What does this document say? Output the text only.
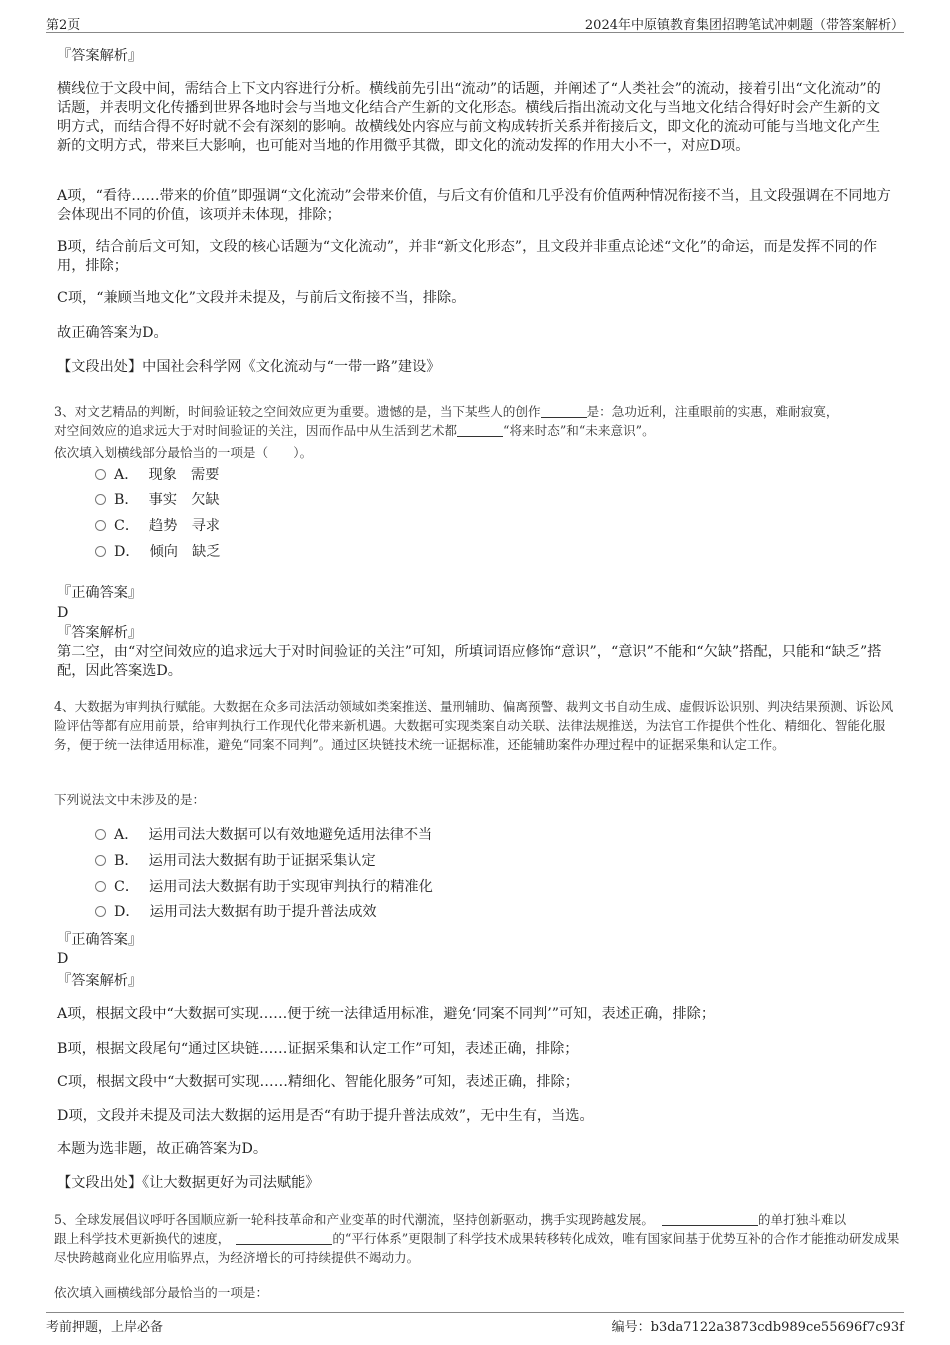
第2页	2024年中原镇教育集团招聘笔试冲刺题（带答案解析）
『答案解析』
横线位于文段中间，需结合上下文内容进行分析。横线前先引出“流动”的话题，并阐述了“人类社会”的流动，接着引出“文化流动”的话题，并表明文化传播到世界各地时会与当地文化结合产生新的文化形态。横线后指出流动文化与当地文化结合得好时会产生新的文明方式，而结合得不好时就不会有深刻的影响。故横线处内容应与前文构成转折关系并衔接后文，即文化的流动可能与当地文化产生新的文明方式，带来巨大影响，也可能对当地的作用微乎其微，即文化的流动发挥的作用大小不一，对应D项。
A项，“看待……带来的价值”即强调“文化流动”会带来价值，与后文有价值和几乎没有价值两种情况衔接不当，且文段强调在不同地方会体现出不同的价值，该项并未体现，排除；
B项，结合前后文可知，文段的核心话题为“文化流动”，并非“新文化形态”，且文段并非重点论述“文化”的命运，而是发挥不同的作用，排除；
C项，“兼顾当地文化”文段并未提及，与前后文衔接不当，排除。
故正确答案为D。
【文段出处】中国社会科学网《文化流动与“一带一路”建设》
3、对文艺精品的判断，时间验证较之空间效应更为重要。遗憾的是，当下某些人的创作	是：急功近利，注重眼前的实惠，难耐寂寞，
对空间效应的追求远大于对时间验证的关注，因而作品中从生活到艺术都	“将来时态”和“未来意识”。
依次填入划横线部分最恰当的一项是（　　）。
A． 现象　需要
B． 事实　欠缺
C． 趋势　寻求
D． 倾向　缺乏
『正确答案』
D
『答案解析』
第二空，由“对空间效应的追求远大于对时间验证的关注”可知，所填词语应修饰“意识”，“意识”不能和“欠缺”搭配，只能和“缺乏”搭配，因此答案选D。
4、大数据为审判执行赋能。大数据在众多司法活动领域如类案推送、量刑辅助、偏离预警、裁判文书自动生成、虚假诉讼识别、判决结果预测、诉讼风险评估等都有应用前景，给审判执行工作现代化带来新机遇。大数据可实现类案自动关联、法律法规推送，为法官工作提供个性化、精细化、智能化服务，便于统一法律适用标准，避免“同案不同判”。通过区块链技术统一证据标准，还能辅助案件办理过程中的证据采集和认定工作。
下列说法文中未涉及的是：
A． 运用司法大数据可以有效地避免适用法律不当
B． 运用司法大数据有助于证据采集认定
C． 运用司法大数据有助于实现审判执行的精准化
D． 运用司法大数据有助于提升普法成效
『正确答案』
D
『答案解析』
A项，根据文段中“大数据可实现……便于统一法律适用标准，避免‘同案不同判’”可知，表述正确，排除；
B项，根据文段尾句“通过区块链……证据采集和认定工作”可知，表述正确，排除；
C项，根据文段中“大数据可实现……精细化、智能化服务”可知，表述正确，排除；
D项，文段并未提及司法大数据的运用是否“有助于提升普法成效”，无中生有，当选。
本题为选非题，故正确答案为D。
【文段出处】《让大数据更好为司法赋能》
5、全球发展倡议呼吁各国顺应新一轮科技革命和产业变革的时代潮流，坚持创新驱动，携手实现跨越发展。	的单打独斗难以
跟上科学技术更新换代的速度，	的“平行体系”更限制了科学技术成果转移转化成效，唯有国家间基于优势互补的合作才能推动研发成果尽快跨越商业化应用临界点，为经济增长的可持续提供不竭动力。
依次填入画横线部分最恰当的一项是：
考前押题，上岸必备	编号：b3da7122a3873cdb989ce55696f7c93f
